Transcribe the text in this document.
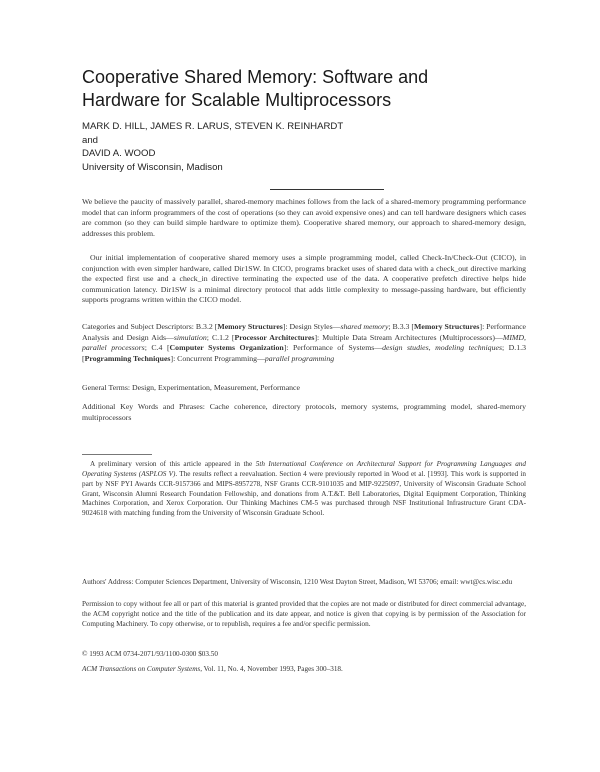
Cooperative Shared Memory: Software and
Hardware for Scalable Multiprocessors
MARK D. HILL, JAMES R. LARUS, STEVEN K. REINHARDT
and
DAVID A. WOOD
University of Wisconsin, Madison

We believe the paucity of massively parallel, shared-memory machines follows from the lack of a shared-memory programming performance model that can inform programmers of the cost of operations (so they can avoid expensive ones) and can tell hardware designers which cases are common (so they can build simple hardware to optimize them). Cooperative shared memory, our approach to shared-memory design, addresses this problem.

Our initial implementation of cooperative shared memory uses a simple programming model, called Check-In/Check-Out (CICO), in conjunction with even simpler hardware, called Dir1SW. In CICO, programs bracket uses of shared data with a check_out directive marking the expected first use and a check_in directive terminating the expected use of the data. A cooperative prefetch directive helps hide communication latency. Dir1SW is a minimal directory protocol that adds little complexity to message-passing hardware, but efficiently supports programs written within the CICO model.

Categories and Subject Descriptors: B.3.2 [Memory Structures]: Design Styles—shared memory; B.3.3 [Memory Structures]: Performance Analysis and Design Aids—simulation; C.1.2 [Processor Architectures]: Multiple Data Stream Architectures (Multiprocessors)—MIMD, parallel processors; C.4 [Computer Systems Organization]: Performance of Systems—design studies, modeling techniques; D.1.3 [Programming Techniques]: Concurrent Programming—parallel programming

General Terms: Design, Experimentation, Measurement, Performance

Additional Key Words and Phrases: Cache coherence, directory protocols, memory systems, programming model, shared-memory multiprocessors

A preliminary version of this article appeared in the 5th International Conference on Architectural Support for Programming Languages and Operating Systems (ASPLOS V). The results reflect a reevaluation. Section 4 were previously reported in Wood et al. [1993]. This work is supported in part by NSF PYI Awards CCR-9157366 and MIPS-8957278, NSF Grants CCR-9101035 and MIP-9225097, University of Wisconsin Graduate School Grant, Wisconsin Alumni Research Foundation Fellowship, and donations from A.T.&T. Bell Laboratories, Digital Equipment Corporation, Thinking Machines Corporation, and Xerox Corporation. Our Thinking Machines CM-5 was purchased through NSF Institutional Infrastructure Grant CDA-9024618 with matching funding from the University of Wisconsin Graduate School.

Authors' Address: Computer Sciences Department, University of Wisconsin, 1210 West Dayton Street, Madison, WI 53706; email: wwt@cs.wisc.edu

Permission to copy without fee all or part of this material is granted provided that the copies are not made or distributed for direct commercial advantage, the ACM copyright notice and the title of the publication and its date appear, and notice is given that copying is by permission of the Association for Computing Machinery. To copy otherwise, or to republish, requires a fee and/or specific permission.

© 1993 ACM 0734-2071/93/1100-0300 $03.50

ACM Transactions on Computer Systems, Vol. 11, No. 4, November 1993, Pages 300–318.
